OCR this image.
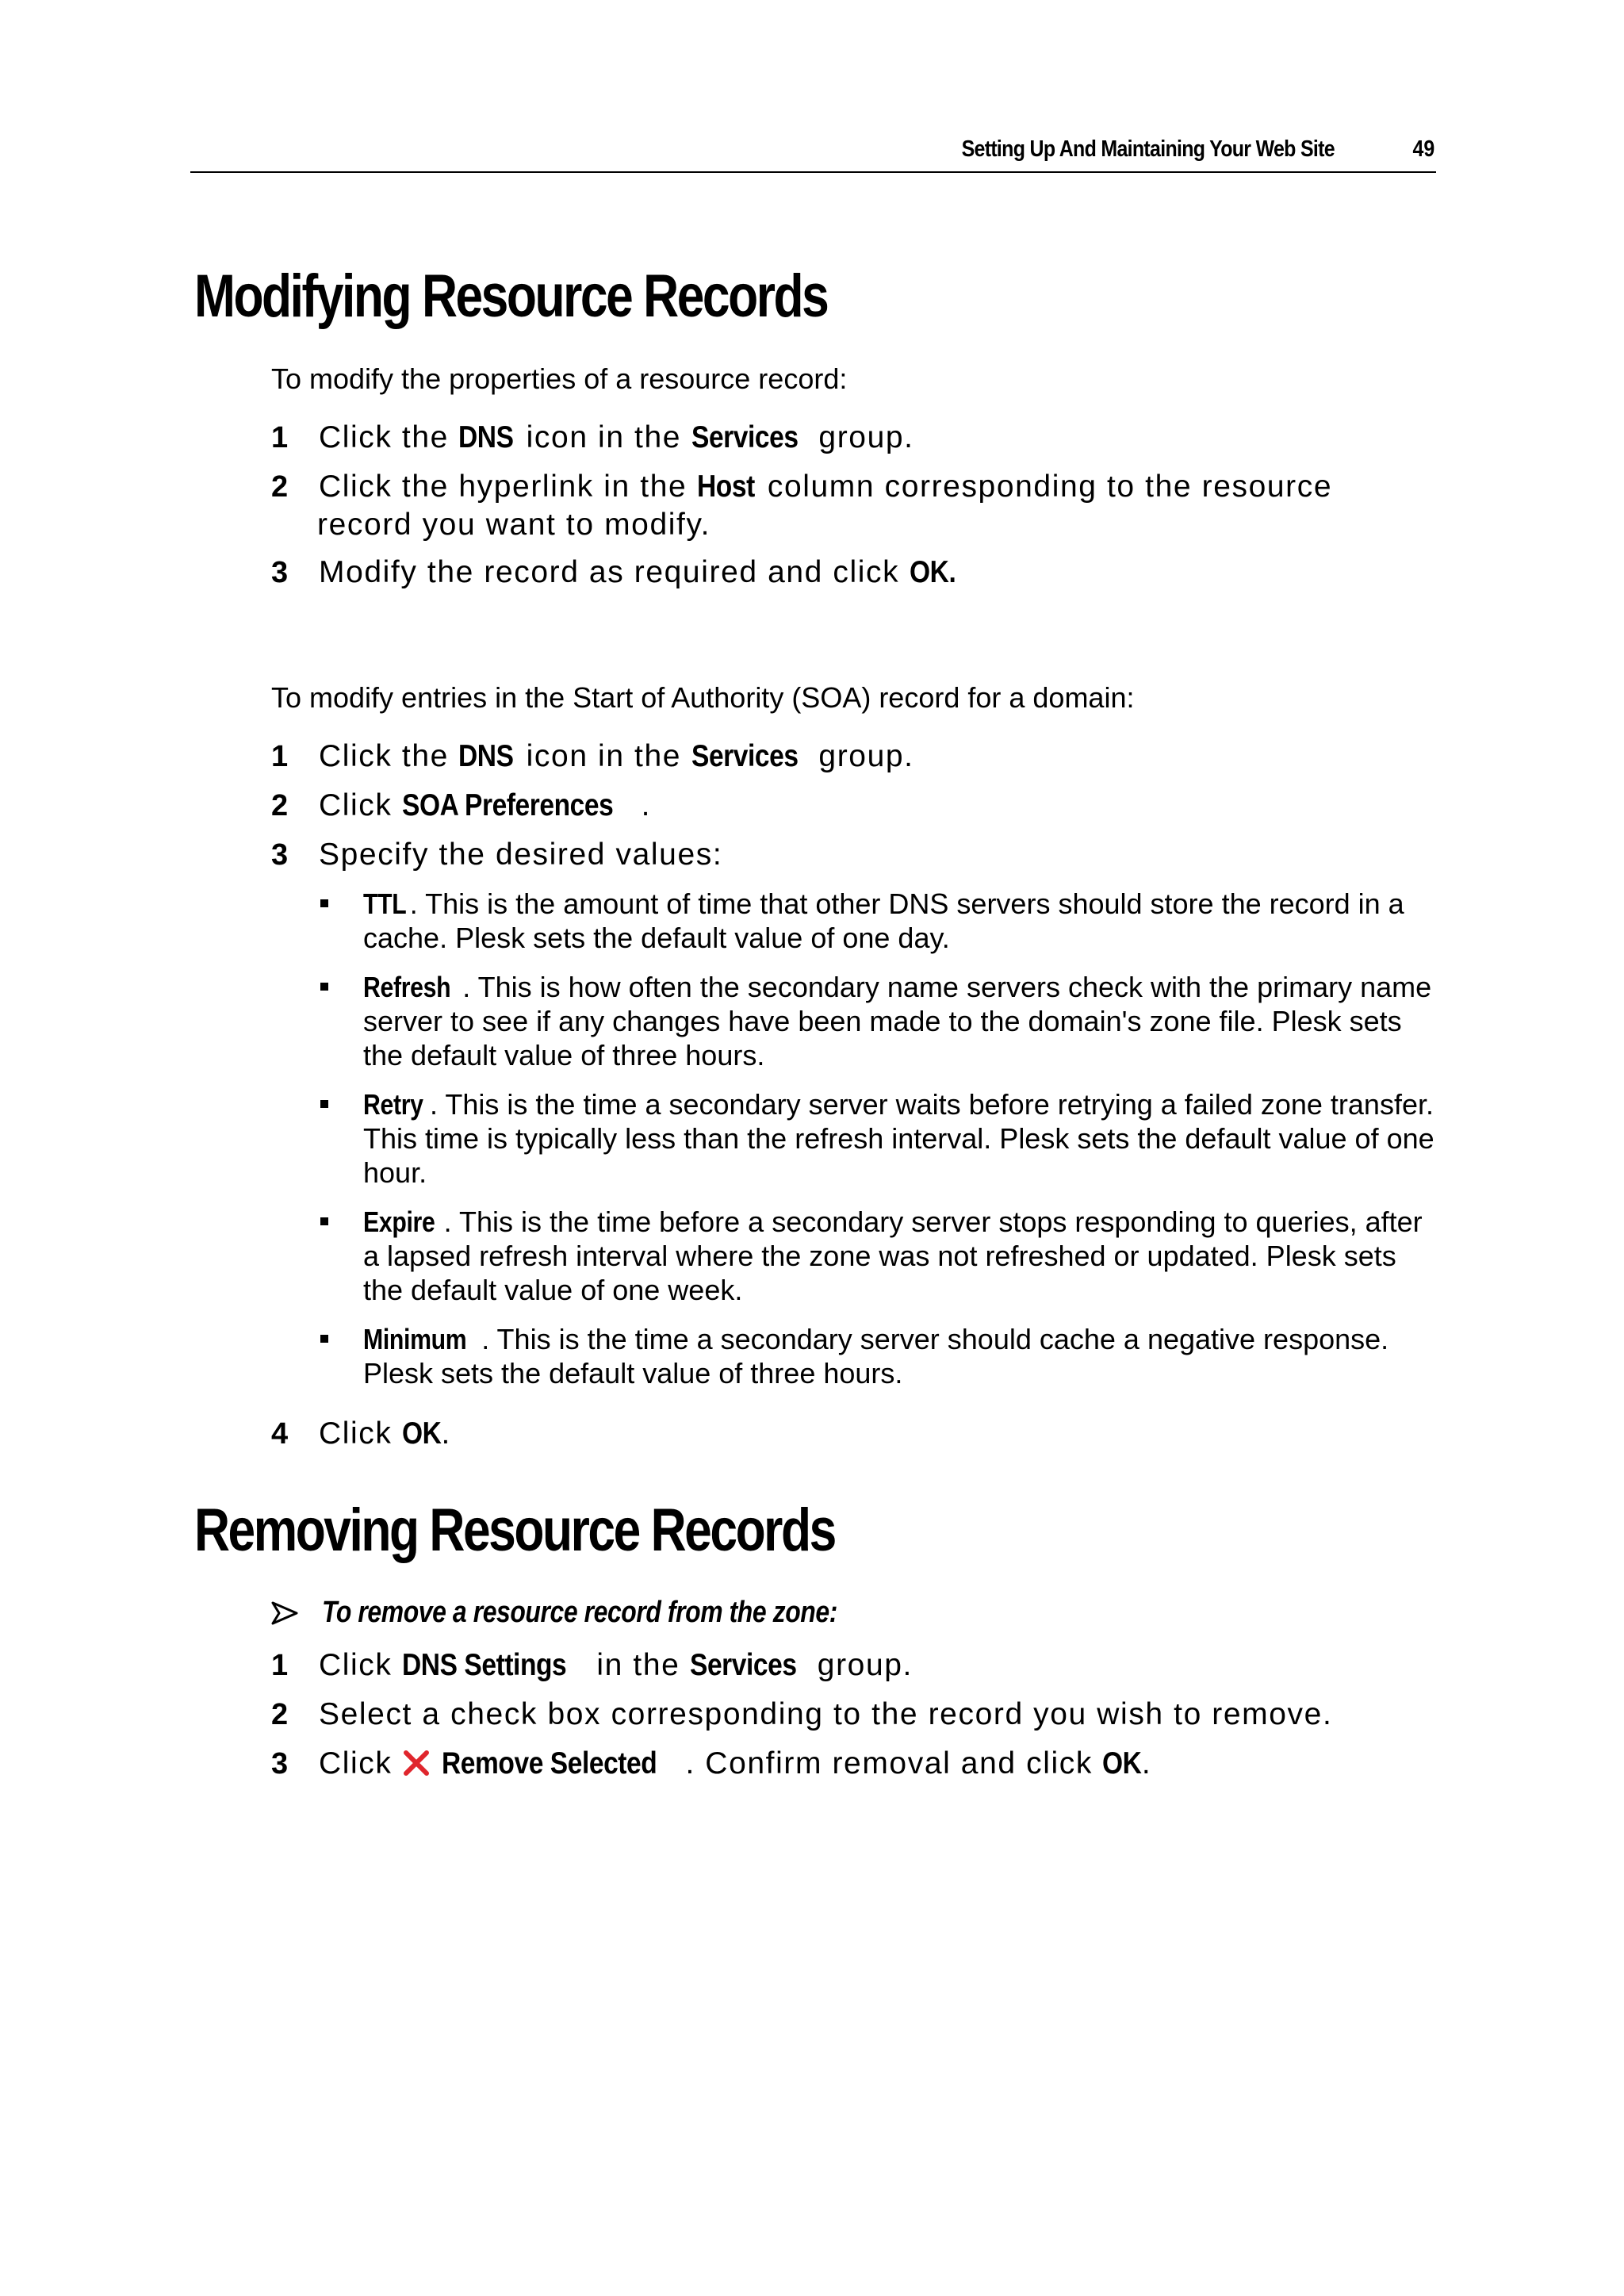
Setting Up And Maintaining Your Web Site	49
Modifying Resource Records

To modify the properties of a resource record:

1 Click the DNS icon in the Services group.
2 Click the hyperlink in the Host column corresponding to the resource
record you want to modify.
3 Modify the record as required and click OK.

To modify entries in the Start of Authority (SOA) record for a domain:

1 Click the DNS icon in the Services group.
2 Click SOA Preferences .
3 Specify the desired values:
TTL . This is the amount of time that other DNS servers should store the record in a cache. Plesk sets the default value of one day.
Refresh . This is how often the secondary name servers check with the primary name server to see if any changes have been made to the domain's zone file. Plesk sets the default value of three hours.
Retry . This is the time a secondary server waits before retrying a failed zone transfer. This time is typically less than the refresh interval. Plesk sets the default value of one hour.
Expire . This is the time before a secondary server stops responding to queries, after a lapsed refresh interval where the zone was not refreshed or updated. Plesk sets the default value of one week.
Minimum . This is the time a secondary server should cache a negative response. Plesk sets the default value of three hours.
4 Click OK.
Removing Resource Records
To remove a resource record from the zone:
1 Click DNS Settings in the Services group.
2 Select a check box corresponding to the record you wish to remove.
3 Click Remove Selected . Confirm removal and click OK.
